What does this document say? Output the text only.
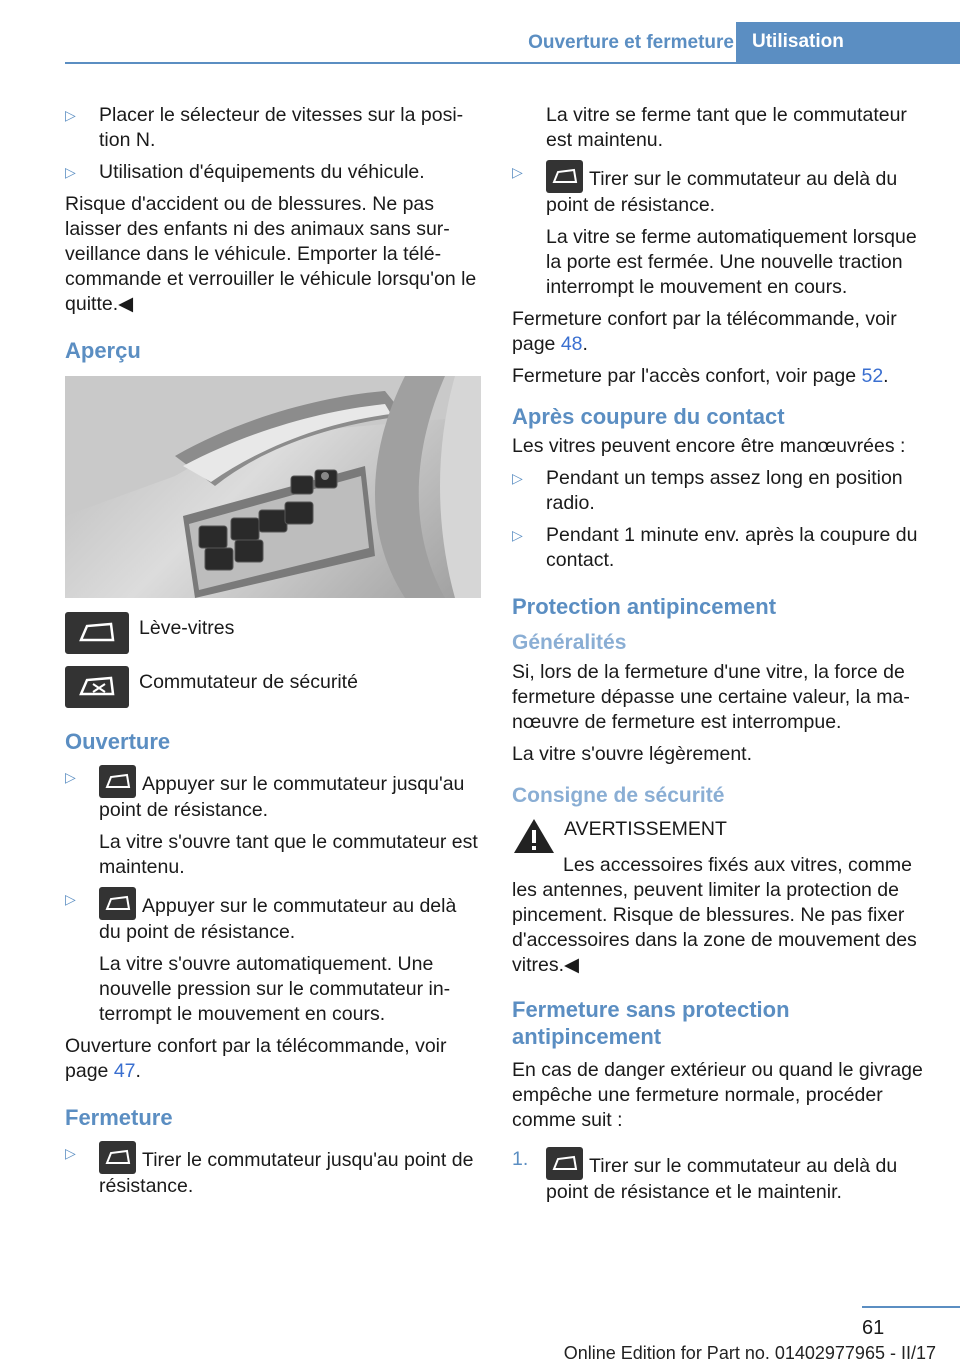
Ouverture et fermeture Utilisation
▷ Placer le sélecteur de vitesses sur la position N.
▷ Utilisation d'équipements du véhicule.

Risque d'accident ou de blessures. Ne pas laisser des enfants ni des animaux sans surveillance dans le véhicule. Emporter la télécommande et verrouiller le véhicule lorsqu'on le quitte.◀

Aperçu
Lève-vitres
Commutateur de sécurité
Ouverture
▷	Appuyer sur le commutateur jusqu'au point de résistance.

La vitre s'ouvre tant que le commutateur est maintenu.

▷	Appuyer sur le commutateur au delà du point de résistance.

La vitre s'ouvre automatiquement. Une nouvelle pression sur le commutateur interrompt le mouvement en cours.

Ouverture confort par la télécommande, voir page 47.

Fermeture
▷	Tirer le commutateur jusqu'au point de résistance.

La vitre se ferme tant que le commutateur est maintenu.

▷	Tirer sur le commutateur au delà du point de résistance.

La vitre se ferme automatiquement lorsque la porte est fermée. Une nouvelle traction interrompt le mouvement en cours.

Fermeture confort par la télécommande, voir page 48.

Fermeture par l'accès confort, voir page 52.

Après coupure du contact

Les vitres peuvent encore être manœuvrées :

▷ Pendant un temps assez long en position radio.
▷ Pendant 1 minute env. après la coupure du contact.
Protection antipincement
Généralités

Si, lors de la fermeture d'une vitre, la force de fermeture dépasse une certaine valeur, la manœuvre de fermeture est interrompue.

La vitre s'ouvre légèrement.

Consigne de sécurité
AVERTISSEMENT

Les accessoires fixés aux vitres, comme les antennes, peuvent limiter la protection de pincement. Risque de blessures. Ne pas fixer d'accessoires dans la zone de mouvement des vitres.◀

Fermeture sans protection antipincement

En cas de danger extérieur ou quand le givrage empêche une fermeture normale, procéder comme suit :

1.	Tirer sur le commutateur au delà du point de résistance et le maintenir.
61
Online Edition for Part no. 01402977965 - II/17
